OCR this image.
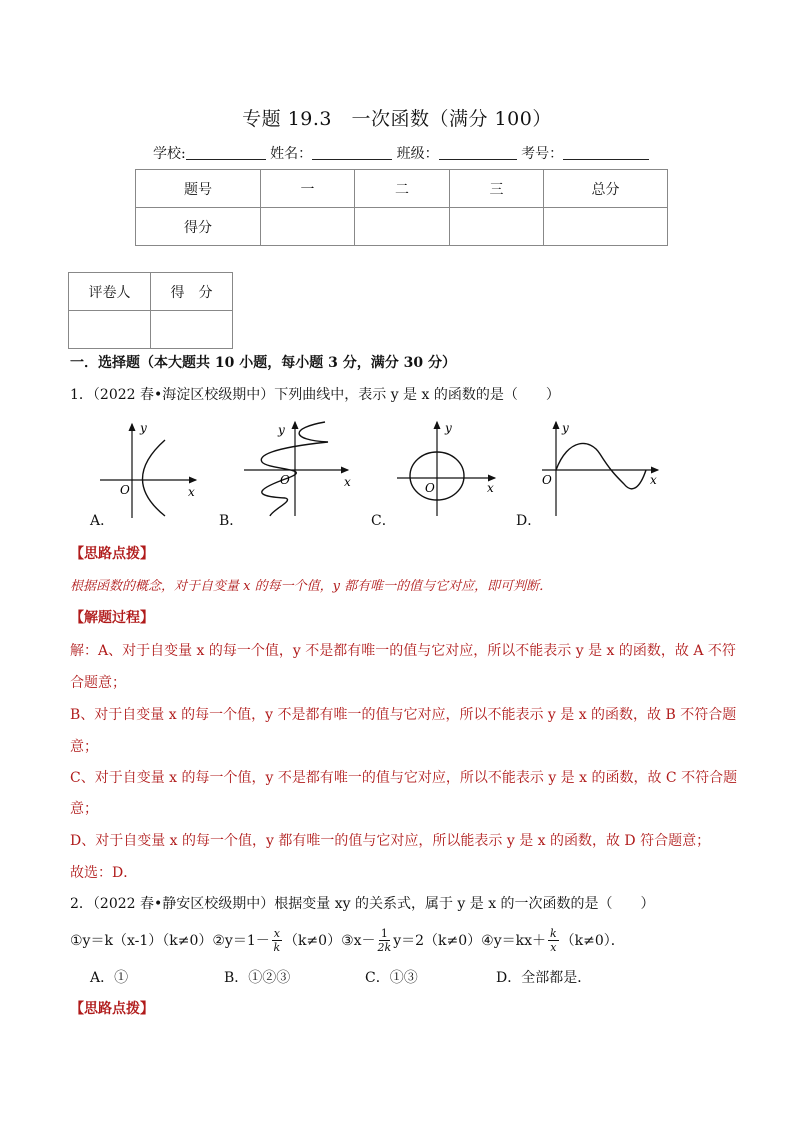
专题 19.3　一次函数（满分 100）
学校:	姓名：	班级：	考号：
题号	一	二	三	总分
得分				
评卷人	得　分

一．选择题（本大题共 10 小题，每小题 3 分，满分 30 分）
1．（2022 春•海淀区校级期中）下列曲线中，表示 y 是 x 的函数的是（　　）
y
x
O
y
x
O
y
x
O
y
x
O
A．	B．	C．	D．
【思路点拨】
根据函数的概念，对于自变量 x 的每一个值，y 都有唯一的值与它对应，即可判断．
【解题过程】
解：A、对于自变量 x 的每一个值，y 不是都有唯一的值与它对应，所以不能表示 y 是 x 的函数，故 A 不符
合题意；
B、对于自变量 x 的每一个值，y 不是都有唯一的值与它对应，所以不能表示 y 是 x 的函数，故 B 不符合题
意；
C、对于自变量 x 的每一个值，y 不是都有唯一的值与它对应，所以不能表示 y 是 x 的函数，故 C 不符合题
意；
D、对于自变量 x 的每一个值，y 都有唯一的值与它对应，所以能表示 y 是 x 的函数，故 D 符合题意；
故选：D．
2．（2022 春•静安区校级期中）根据变量 xy 的关系式，属于 y 是 x 的一次函数的是（　　）
①y＝k（x-1）（k≠0） ②y＝1－ $\frac{x}{k} (k\ne 0)$ ③x－ $\frac{1}{2k} y=2(k\ne 0)$ ④y＝kx＋ $\frac{k}{x} (k\ne 0)$．
A．①	B．①②③	C．①③	D．全部都是．
【思路点拨】
